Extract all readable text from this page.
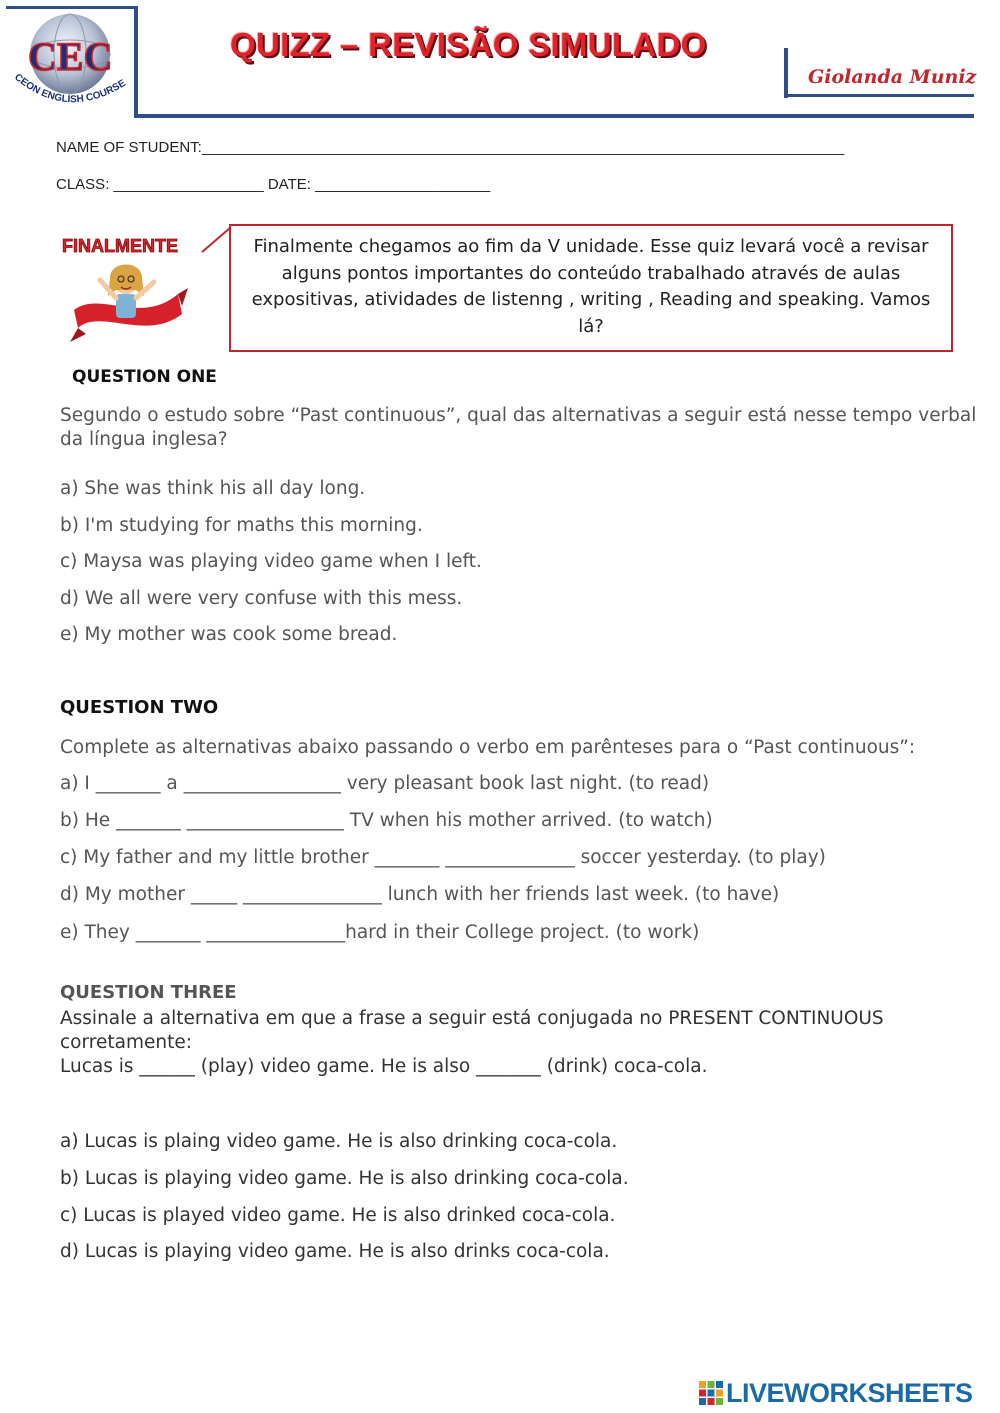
CEC
CEON ENGLISH COURSE
QUIZZ – REVISÃO SIMULADO
Giolanda Muniz
NAME OF STUDENT:_____________________________________________________________________________
CLASS: __________________ DATE: _____________________
FINALMENTE	Finalmente chegamos ao fim da V unidade. Esse quiz levará você a revisar alguns pontos importantes do conteúdo trabalhado através de aulas expositivas, atividades de listenng , writing , Reading and speaking. Vamos lá?
QUESTION ONE
Segundo o estudo sobre “Past continuous”, qual das alternativas a seguir está nesse tempo verbal da língua inglesa?
a) She was think his all day long.
b) I'm studying for maths this morning.
c) Maysa was playing video game when I left.
d) We all were very confuse with this mess.
e) My mother was cook some bread.
QUESTION TWO
Complete as alternativas abaixo passando o verbo em parênteses para o “Past continuous”:
a) I _______ a _________________ very pleasant book last night. (to read)
b) He _______ _________________ TV when his mother arrived. (to watch)
c) My father and my little brother _______ ______________ soccer yesterday. (to play)
d) My mother _____ _______________ lunch with her friends last week. (to have)
e) They _______ _______________hard in their College project. (to work)
QUESTION THREE
Assinale a alternativa em que a frase a seguir está conjugada no PRESENT CONTINUOUS corretamente:
Lucas is ______ (play) video game. He is also _______ (drink) coca-cola.
a) Lucas is plaing video game. He is also drinking coca-cola.
b) Lucas is playing video game. He is also drinking coca-cola.
c) Lucas is played video game. He is also drinked coca-cola.
d) Lucas is playing video game. He is also drinks coca-cola.
LIVEWORKSHEETS
